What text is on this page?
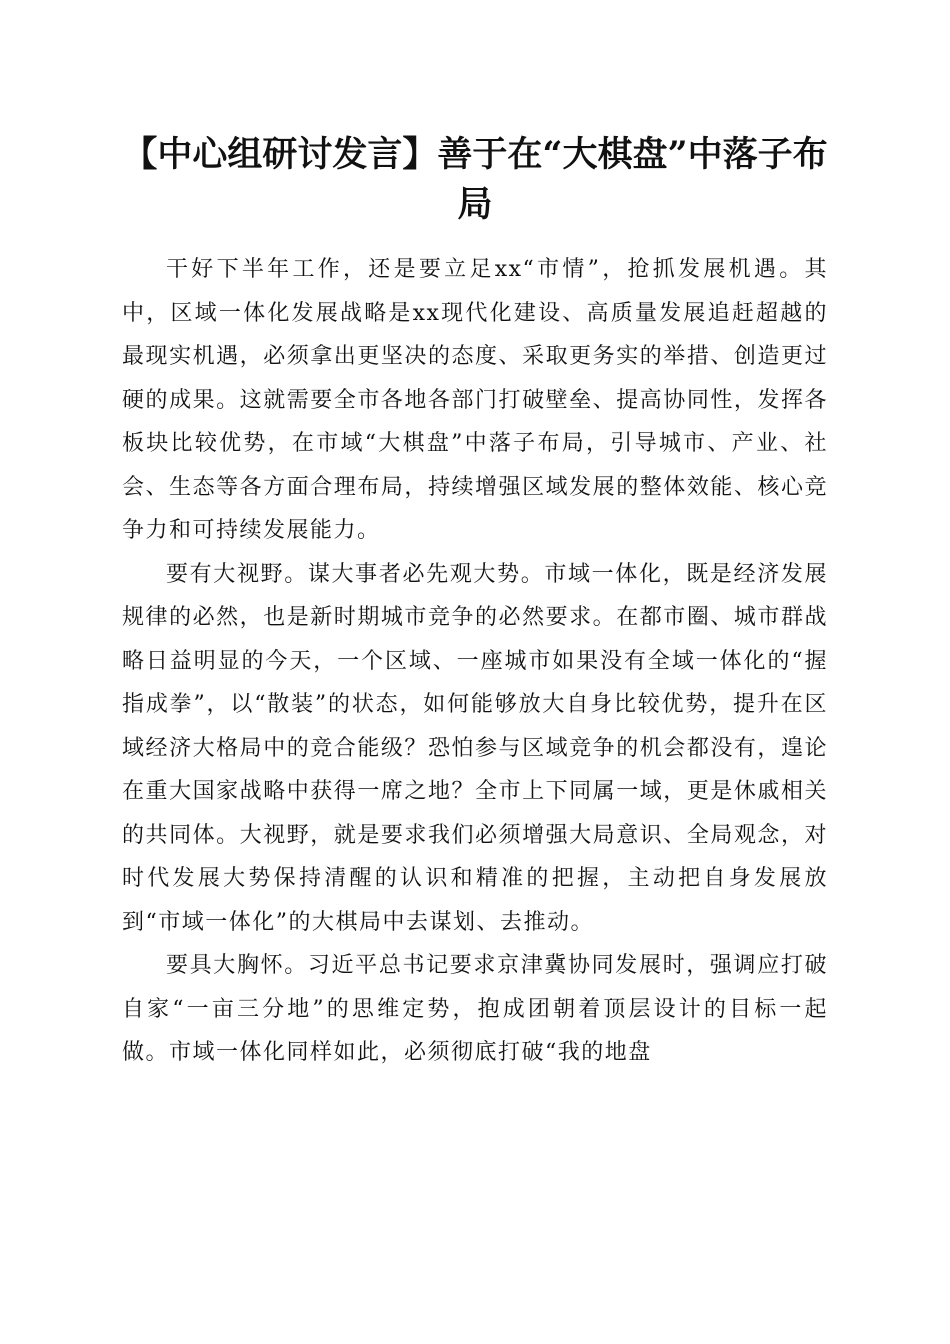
【中心组研讨发言】善于在“大棋盘”中落子布局

干好下半年工作，还是要立足xx“市情”，抢抓发展机遇。其中，区域一体化发展战略是xx现代化建设、高质量发展追赶超越的最现实机遇，必须拿出更坚决的态度、采取更务实的举措、创造更过硬的成果。这就需要全市各地各部门打破壁垒、提高协同性，发挥各板块比较优势，在市域“大棋盘”中落子布局，引导城市、产业、社会、生态等各方面合理布局，持续增强区域发展的整体效能、核心竞争力和可持续发展能力。

要有大视野。谋大事者必先观大势。市域一体化，既是经济发展规律的必然，也是新时期城市竞争的必然要求。在都市圈、城市群战略日益明显的今天，一个区域、一座城市如果没有全域一体化的“握指成拳”，以“散装”的状态，如何能够放大自身比较优势，提升在区域经济大格局中的竞合能级？恐怕参与区域竞争的机会都没有，遑论在重大国家战略中获得一席之地？全市上下同属一域，更是休戚相关的共同体。大视野，就是要求我们必须增强大局意识、全局观念，对时代发展大势保持清醒的认识和精准的把握，主动把自身发展放到“市域一体化”的大棋局中去谋划、去推动。

要具大胸怀。习近平总书记要求京津冀协同发展时，强调应打破自家“一亩三分地”的思维定势，抱成团朝着顶层设计的目标一起做。市域一体化同样如此，必须彻底打破“我的地盘
